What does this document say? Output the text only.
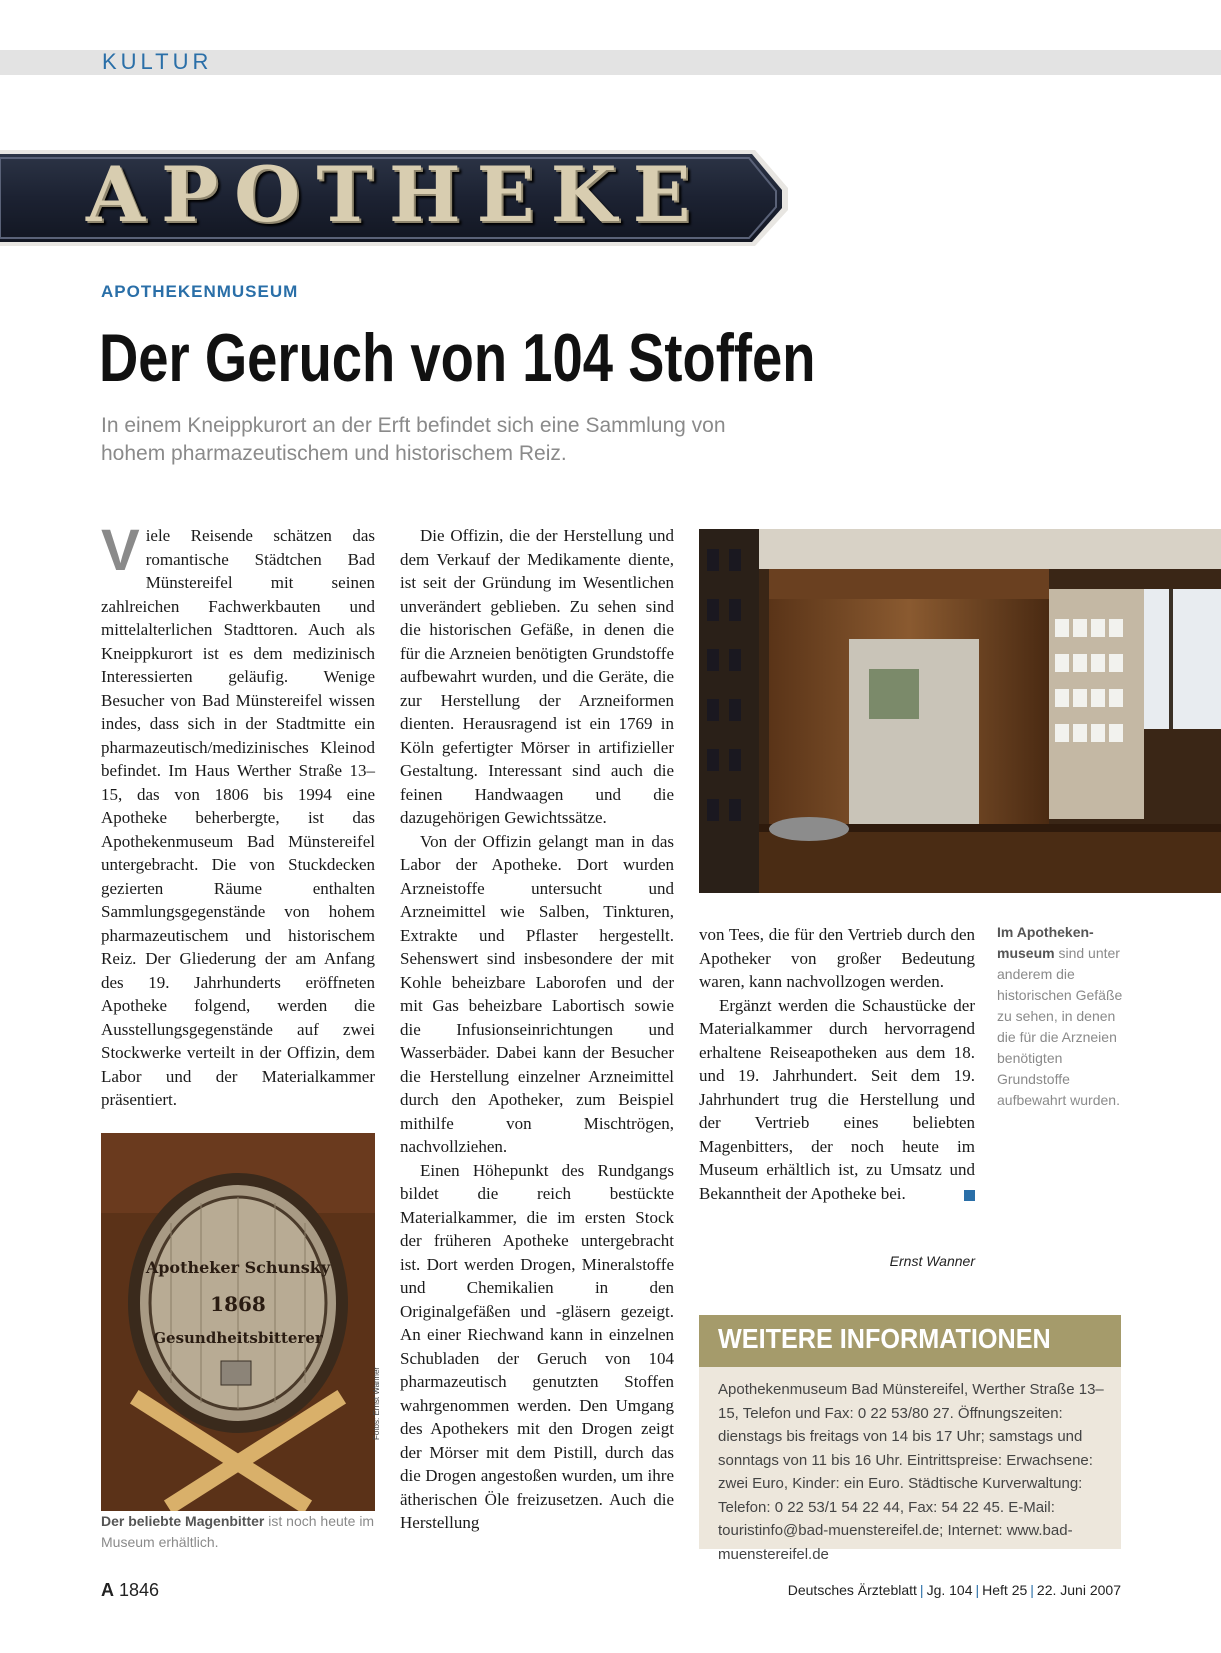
KULTUR
APOTHEKE
APOTHEKENMUSEUM
Der Geruch von 104 Stoffen
In einem Kneippkurort an der Erft befindet sich eine Sammlung von hohem pharmazeutischem und historischem Reiz.

Viele Reisende schätzen das romantische Städtchen Bad Münstereifel mit seinen zahlreichen Fachwerkbauten und mittelalterlichen Stadttoren. Auch als Kneippkurort ist es dem medizinisch Interessierten geläufig. Wenige Besucher von Bad Münstereifel wissen indes, dass sich in der Stadtmitte ein pharmazeutisch/medizinisches Kleinod befindet. Im Haus Werther Straße 13–15, das von 1806 bis 1994 eine Apotheke beherbergte, ist das Apothekenmuseum Bad Münstereifel untergebracht. Die von Stuckdecken gezierten Räume enthalten Sammlungsgegenstände von hohem pharmazeutischem und historischem Reiz. Der Gliederung der am Anfang des 19. Jahrhunderts eröffneten Apotheke folgend, werden die Ausstellungsgegenstände auf zwei Stockwerke verteilt in der Offizin, dem Labor und der Materialkammer präsentiert.

Die Offizin, die der Herstellung und dem Verkauf der Medikamente diente, ist seit der Gründung im Wesentlichen unverändert geblieben. Zu sehen sind die historischen Gefäße, in denen die für die Arzneien benötigten Grundstoffe aufbewahrt wurden, und die Geräte, die zur Herstellung der Arzneiformen dienten. Herausragend ist ein 1769 in Köln gefertigter Mörser in artifizieller Gestaltung. Interessant sind auch die feinen Handwaagen und die dazugehörigen Gewichtssätze.

Von der Offizin gelangt man in das Labor der Apotheke. Dort wurden Arzneistoffe untersucht und Arzneimittel wie Salben, Tinkturen, Extrakte und Pflaster hergestellt. Sehenswert sind insbesondere der mit Kohle beheizbare Laborofen und der mit Gas beheizbare Labortisch sowie die Infusionseinrichtungen und Wasserbäder. Dabei kann der Besucher die Herstellung einzelner Arzneimittel durch den Apotheker, zum Beispiel mithilfe von Mischtrögen, nachvollziehen.

Einen Höhepunkt des Rundgangs bildet die reich bestückte Materialkammer, die im ersten Stock der früheren Apotheke untergebracht ist. Dort werden Drogen, Mineralstoffe und Chemikalien in den Originalgefäßen und -gläsern gezeigt. An einer Riechwand kann in einzelnen Schubladen der Geruch von 104 pharmazeutisch genutzten Stoffen wahrgenommen werden. Den Umgang des Apothekers mit den Drogen zeigt der Mörser mit dem Pistill, durch das die Drogen angestoßen wurden, um ihre ätherischen Öle freizusetzen. Auch die Herstellung

Im Apothekenmuseum sind unter anderem die historischen Gefäße zu sehen, in denen die für die Arzneien benötigten Grundstoffe aufbewahrt wurden.

von Tees, die für den Vertrieb durch den Apotheker von großer Bedeutung waren, kann nachvollzogen werden.

Ergänzt werden die Schaustücke der Materialkammer durch hervorragend erhaltene Reiseapotheken aus dem 18. und 19. Jahrhundert. Seit dem 19. Jahrhundert trug die Herstellung und der Vertrieb eines beliebten Magenbitters, der noch heute im Museum erhältlich ist, zu Umsatz und Bekanntheit der Apotheke bei.

Ernst Wanner
Apotheker Schunsky
1868
Gesundheitsbitterer
Fotos: Ernst Wanner
Der beliebte Magenbitter ist noch heute im Museum erhältlich.
WEITERE INFORMATIONEN
Apothekenmuseum Bad Münstereifel, Werther Straße 13–15, Telefon und Fax: 0 22 53/80 27. Öffnungszeiten: dienstags bis freitags von 14 bis 17 Uhr; samstags und sonntags von 11 bis 16 Uhr. Eintrittspreise: Erwachsene: zwei Euro, Kinder: ein Euro. Städtische Kurverwaltung: Telefon: 0 22 53/1 54 22 44, Fax: 54 22 45. E-Mail: touristinfo@bad-muenstereifel.de; Internet: www.bad-muenstereifel.de
A 1846	Deutsches Ärzteblatt | Jg. 104 | Heft 25 | 22. Juni 2007
